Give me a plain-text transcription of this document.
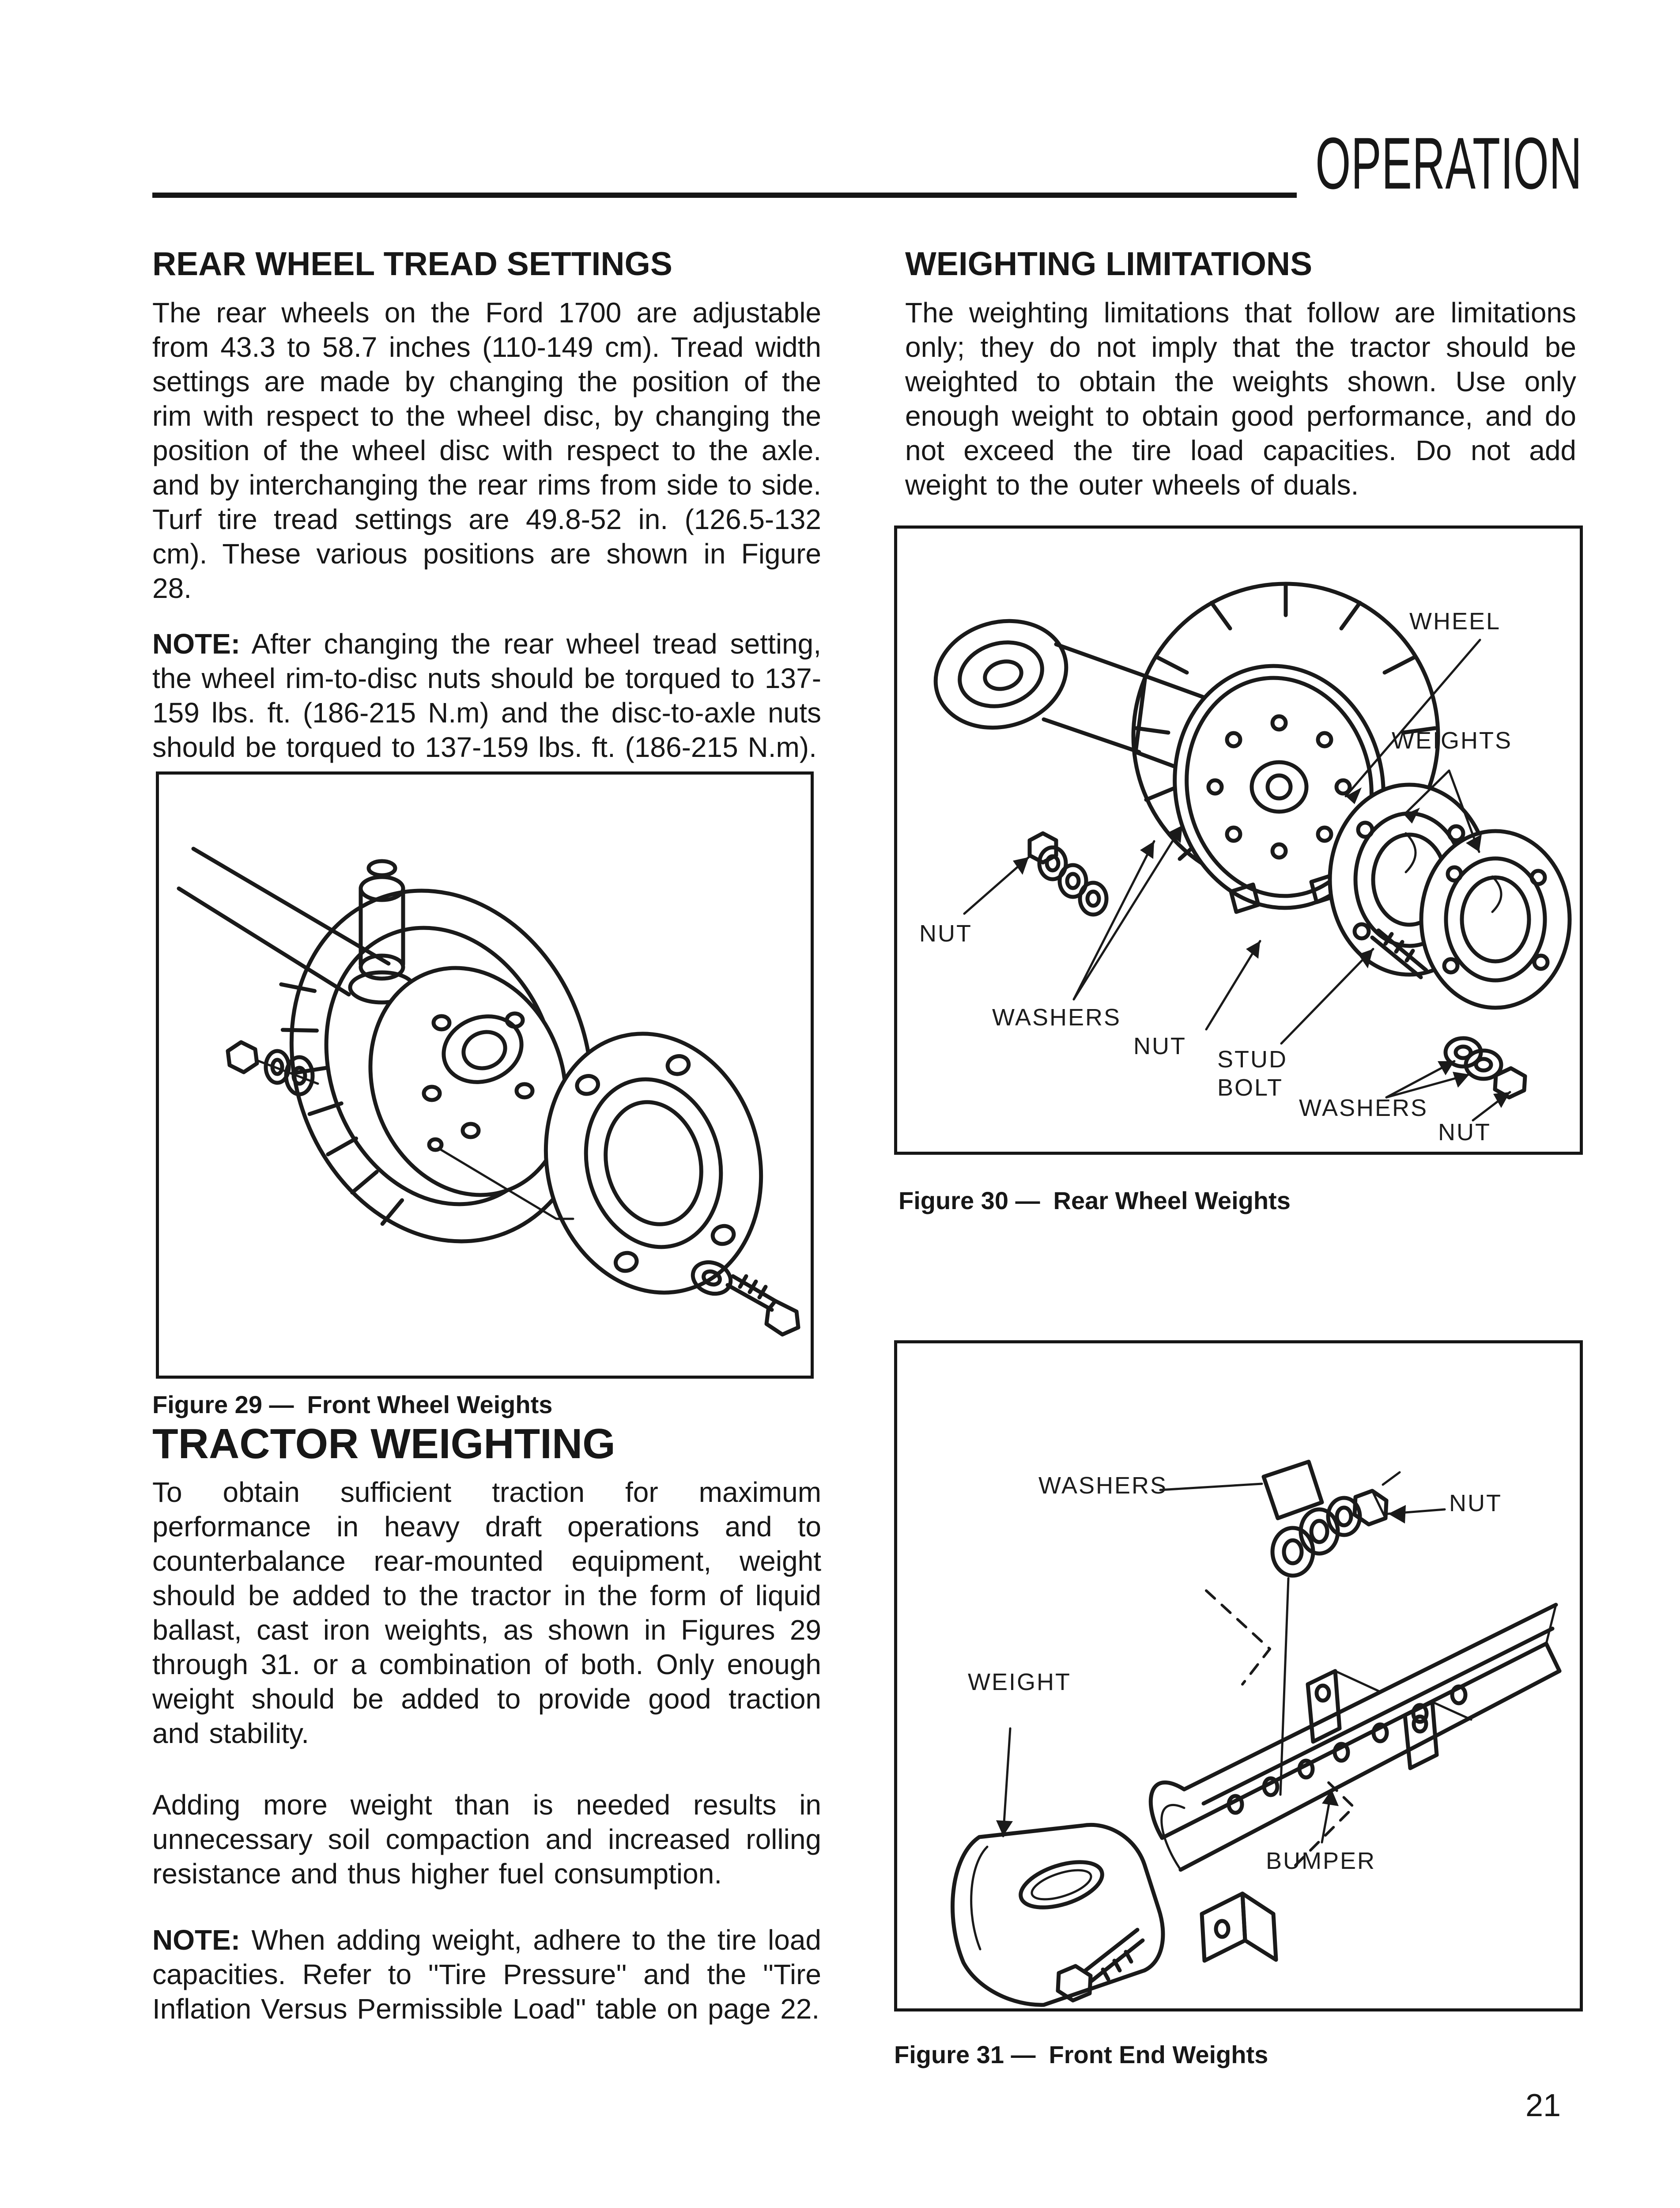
OPERATION
REAR WHEEL TREAD SETTINGS

The rear wheels on the Ford 1700 are adjustable from 43.3 to 58.7 inches (110-149 cm). Tread width settings are made by changing the position of the rim with respect to the wheel disc, by changing the position of the wheel disc with respect to the axle. and by interchanging the rear rims from side to side. Turf tire tread settings are 49.8-52 in. (126.5-132 cm). These various positions are shown in Figure 28.

NOTE: After changing the rear wheel tread setting, the wheel rim-to-disc nuts should be torqued to 137-159 lbs. ft. (186-215 N.m) and the disc-to-axle nuts should be torqued to 137-159 lbs. ft. (186-215 N.m).

Figure 29 — Front Wheel Weights
TRACTOR WEIGHTING

To obtain sufficient traction for maximum performance in heavy draft operations and to counterbalance rear-mounted equipment, weight should be added to the tractor in the form of liquid ballast, cast iron weights, as shown in Figures 29 through 31. or a combination of both. Only enough weight should be added to provide good traction and stability.

Adding more weight than is needed results in unnecessary soil compaction and increased rolling resistance and thus higher fuel consumption.

NOTE: When adding weight, adhere to the tire load capacities. Refer to ''Tire Pressure'' and the ''Tire Inflation Versus Permissible Load'' table on page 22.

WEIGHTING LIMITATIONS

The weighting limitations that follow are limitations only; they do not imply that the tractor should be weighted to obtain the weights shown. Use only enough weight to obtain good performance, and do not exceed the tire load capacities. Do not add weight to the outer wheels of duals.

WHEEL
WEIGHTS
NUT
WASHERS
NUT STUD BOLT
WASHERS
NUT
Figure 30 — Rear Wheel Weights
WASHERS
NUT
WEIGHT
BUMPER
Figure 31 — Front End Weights
21
